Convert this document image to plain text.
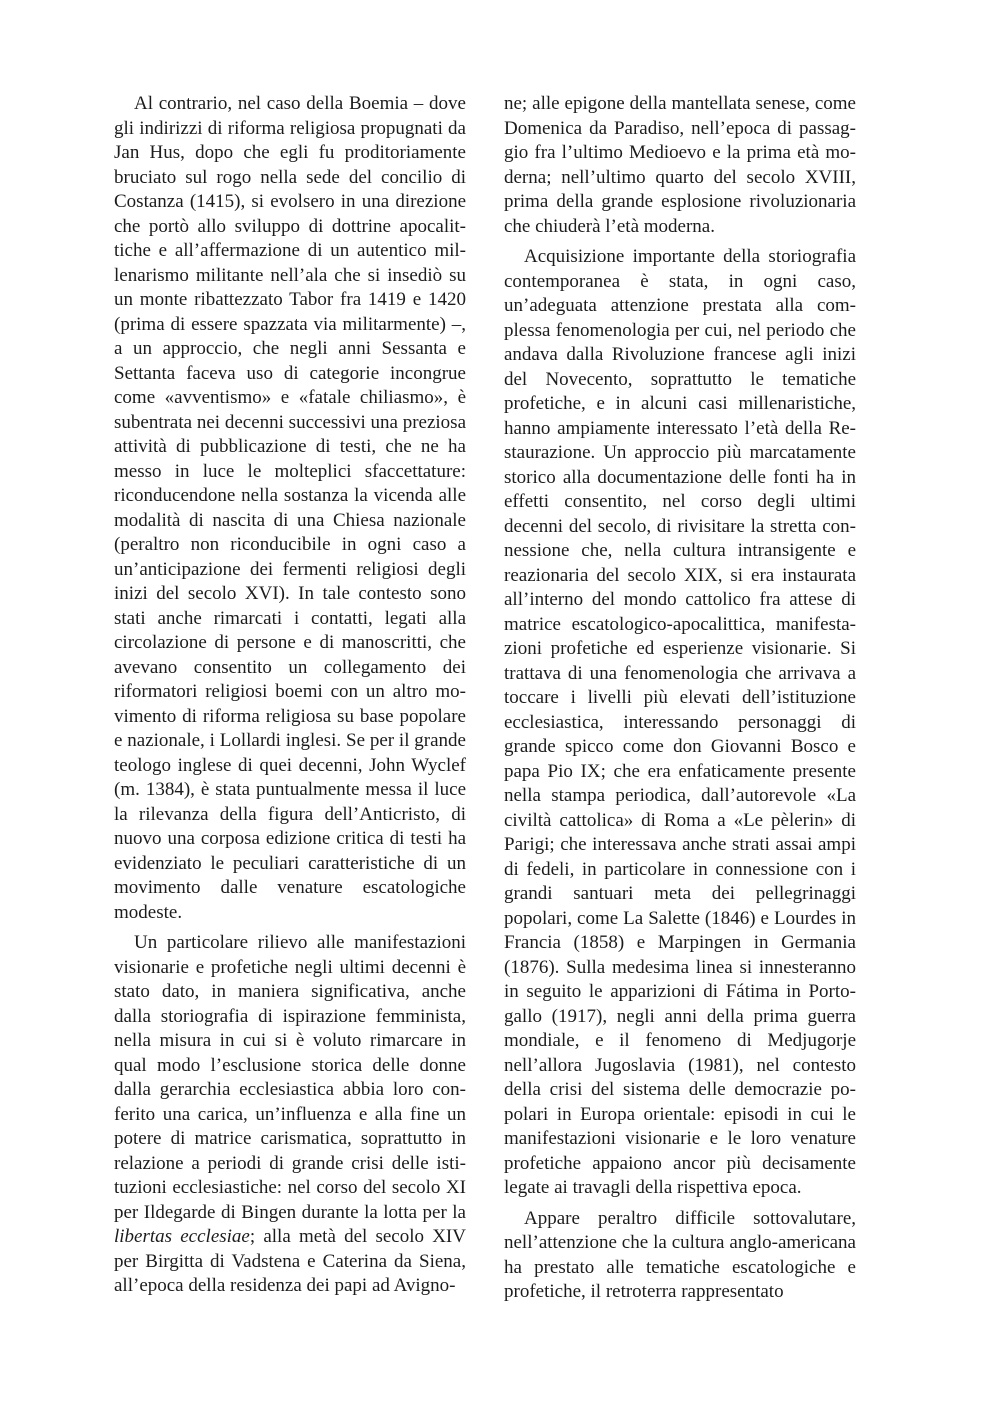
Al contrario, nel caso della Boemia – dove gli indirizzi di riforma religiosa propugnati da Jan Hus, dopo che egli fu proditoriamente bruciato sul rogo nella sede del concilio di Costanza (1415), si evolsero in una direzione che portò allo sviluppo di dottrine apocalittiche e all’affermazione di un autentico millenarismo militante nell’ala che si insediò su un monte ribattezzato Tabor fra 1419 e 1420 (prima di essere spazzata via militarmente) –, a un approccio, che negli anni Sessanta e Settanta faceva uso di categorie incongrue come «avventismo» e «fatale chiliasmo», è subentrata nei decenni successivi una preziosa attività di pubblicazione di testi, che ne ha messo in luce le molteplici sfaccettature: riconducendone nella sostanza la vicenda alle modalità di nascita di una Chiesa nazionale (peraltro non riconducibile in ogni caso a un’anticipazione dei fermenti religiosi degli inizi del secolo XVI). In tale contesto sono stati anche rimarcati i contatti, legati alla circolazione di persone e di manoscritti, che avevano consentito un collegamento dei riformatori religiosi boemi con un altro movimento di riforma religiosa su base popolare e nazionale, i Lollardi inglesi. Se per il grande teologo inglese di quei decenni, John Wyclef (m. 1384), è stata puntualmente messa il luce la rilevanza della figura dell’Anticristo, di nuovo una corposa edizione critica di testi ha evidenziato le peculiari caratteristiche di un movimento dalle venature escatologiche modeste.

Un particolare rilievo alle manifestazioni visionarie e profetiche negli ultimi decenni è stato dato, in maniera significativa, anche dalla storiografia di ispirazione femminista, nella misura in cui si è voluto rimarcare in qual modo l’esclusione storica delle donne dalla gerarchia ecclesiastica abbia loro conferito una carica, un’influenza e alla fine un potere di matrice carismatica, soprattutto in relazione a periodi di grande crisi delle istituzioni ecclesiastiche: nel corso del secolo XI per Ildegarde di Bingen durante la lotta per la libertas ecclesiae; alla metà del secolo XIV per Birgitta di Vadstena e Caterina da Siena, all’epoca della residenza dei papi ad Avigno-

ne; alle epigone della mantellata senese, come Domenica da Paradiso, nell’epoca di passaggio fra l’ultimo Medioevo e la prima età moderna; nell’ultimo quarto del secolo XVIII, prima della grande esplosione rivoluzionaria che chiuderà l’età moderna.

Acquisizione importante della storiografia contemporanea è stata, in ogni caso, un’adeguata attenzione prestata alla complessa fenomenologia per cui, nel periodo che andava dalla Rivoluzione francese agli inizi del Novecento, soprattutto le tematiche profetiche, e in alcuni casi millenaristiche, hanno ampiamente interessato l’età della Restaurazione. Un approccio più marcatamente storico alla documentazione delle fonti ha in effetti consentito, nel corso degli ultimi decenni del secolo, di rivisitare la stretta connessione che, nella cultura intransigente e reazionaria del secolo XIX, si era instaurata all’interno del mondo cattolico fra attese di matrice escatologico-apocalittica, manifestazioni profetiche ed esperienze visionarie. Si trattava di una fenomenologia che arrivava a toccare i livelli più elevati dell’istituzione ecclesiastica, interessando personaggi di grande spicco come don Giovanni Bosco e papa Pio IX; che era enfaticamente presente nella stampa periodica, dall’autorevole «La civiltà cattolica» di Roma a «Le pèlerin» di Parigi; che interessava anche strati assai ampi di fedeli, in particolare in connessione con i grandi santuari meta dei pellegrinaggi popolari, come La Salette (1846) e Lourdes in Francia (1858) e Marpingen in Germania (1876). Sulla medesima linea si innesteranno in seguito le apparizioni di Fátima in Portogallo (1917), negli anni della prima guerra mondiale, e il fenomeno di Medjugorje nell’allora Jugoslavia (1981), nel contesto della crisi del sistema delle democrazie popolari in Europa orientale: episodi in cui le manifestazioni visionarie e le loro venature profetiche appaiono ancor più decisamente legate ai travagli della rispettiva epoca.

Appare peraltro difficile sottovalutare, nell’attenzione che la cultura anglo-americana ha prestato alle tematiche escatologiche e profetiche, il retroterra rappresentato
